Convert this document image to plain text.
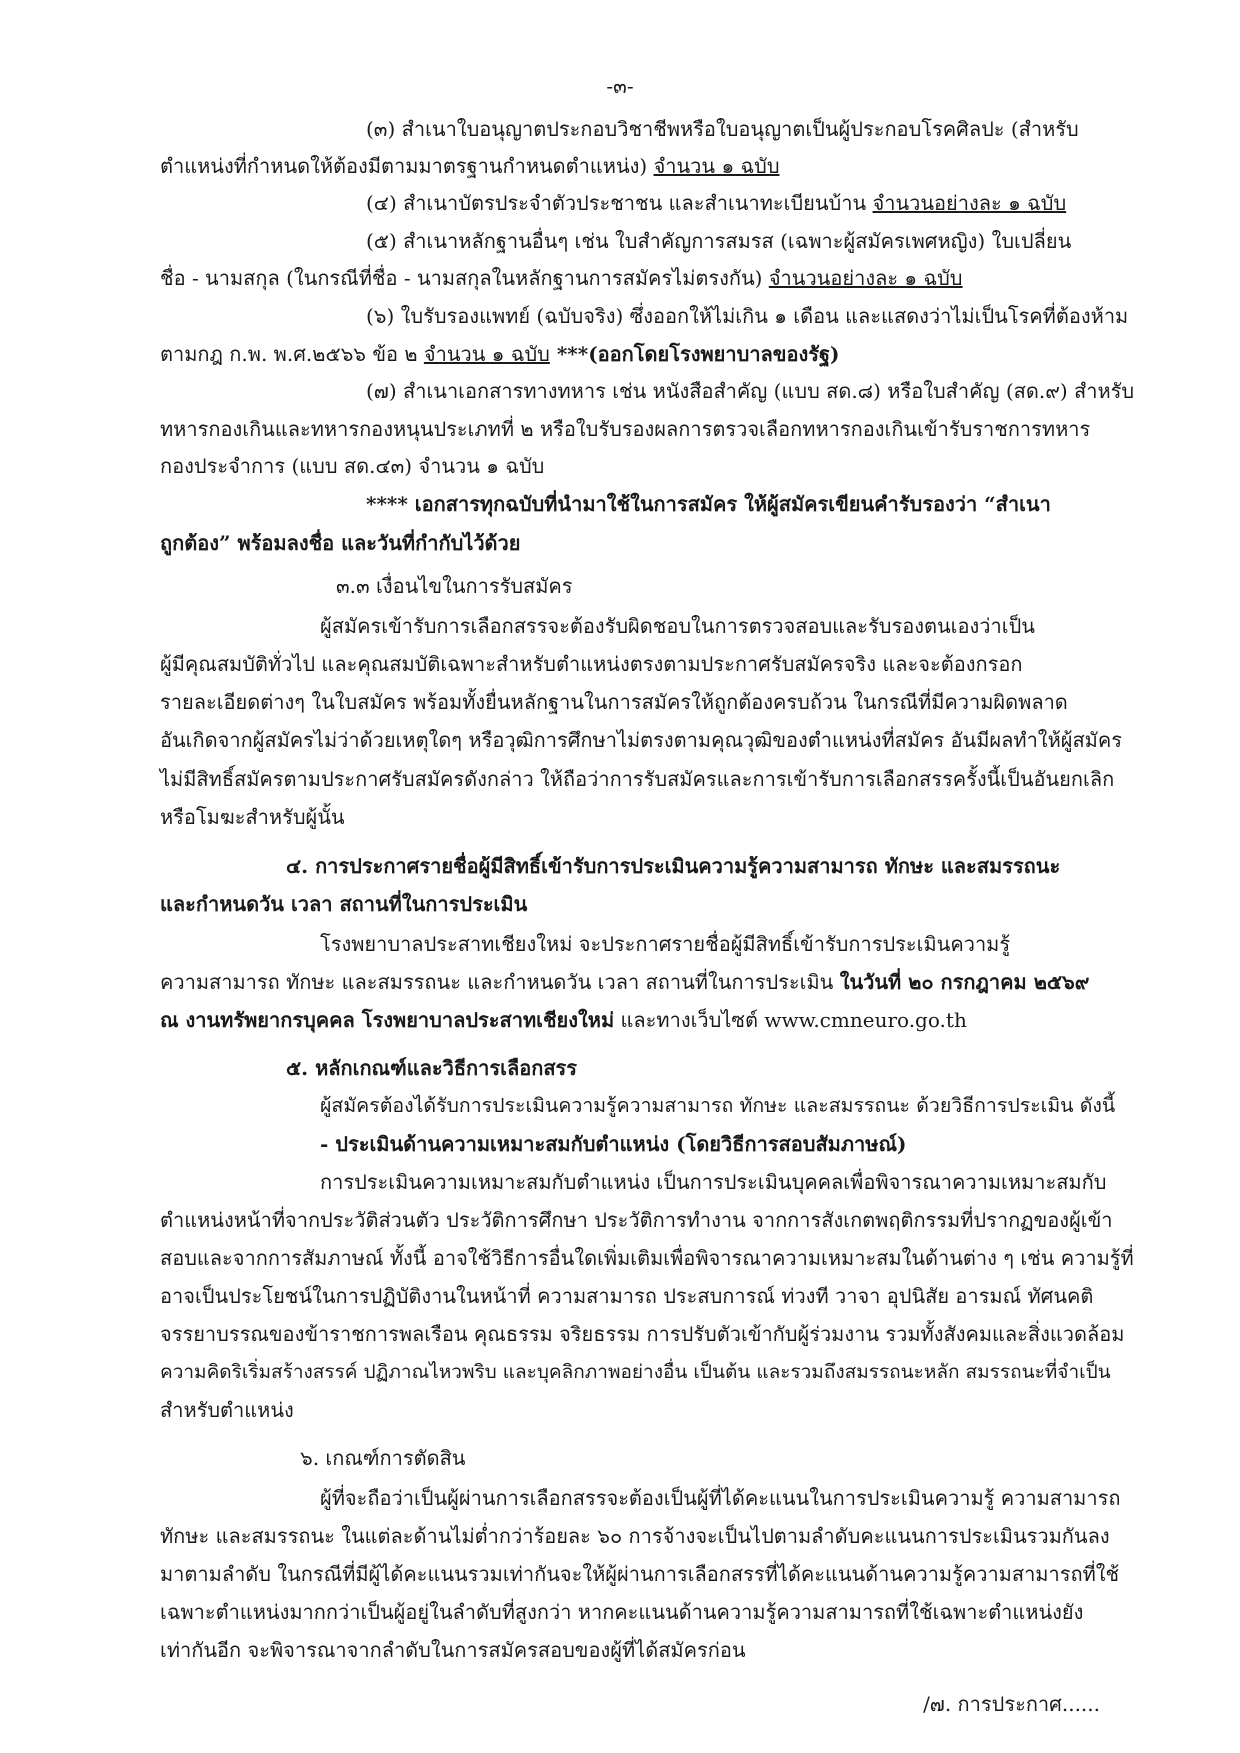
-๓-
(๓) สำเนาใบอนุญาตประกอบวิชาชีพหรือใบอนุญาตเป็นผู้ประกอบโรคศิลปะ (สำหรับ
ตำแหน่งที่กำหนดให้ต้องมีตามมาตรฐานกำหนดตำแหน่ง) จำนวน ๑ ฉบับ
(๔) สำเนาบัตรประจำตัวประชาชน และสำเนาทะเบียนบ้าน จำนวนอย่างละ ๑ ฉบับ
(๕) สำเนาหลักฐานอื่นๆ เช่น ใบสำคัญการสมรส (เฉพาะผู้สมัครเพศหญิง) ใบเปลี่ยน
ชื่อ - นามสกุล (ในกรณีที่ชื่อ - นามสกุลในหลักฐานการสมัครไม่ตรงกัน) จำนวนอย่างละ ๑ ฉบับ
(๖) ใบรับรองแพทย์ (ฉบับจริง) ซึ่งออกให้ไม่เกิน ๑ เดือน และแสดงว่าไม่เป็นโรคที่ต้องห้าม
ตามกฎ ก.พ. พ.ศ.๒๕๖๖ ข้อ ๒ จำนวน ๑ ฉบับ ***(ออกโดยโรงพยาบาลของรัฐ)
(๗) สำเนาเอกสารทางทหาร เช่น หนังสือสำคัญ (แบบ สด.๘) หรือใบสำคัญ (สด.๙) สำหรับ
ทหารกองเกินและทหารกองหนุนประเภทที่ ๒ หรือใบรับรองผลการตรวจเลือกทหารกองเกินเข้ารับราชการทหาร
กองประจำการ (แบบ สด.๔๓) จำนวน ๑ ฉบับ
**** เอกสารทุกฉบับที่นำมาใช้ในการสมัคร ให้ผู้สมัครเขียนคำรับรองว่า “สำเนา
ถูกต้อง” พร้อมลงชื่อ และวันที่กำกับไว้ด้วย
๓.๓ เงื่อนไขในการรับสมัคร
ผู้สมัครเข้ารับการเลือกสรรจะต้องรับผิดชอบในการตรวจสอบและรับรองตนเองว่าเป็น
ผู้มีคุณสมบัติทั่วไป และคุณสมบัติเฉพาะสำหรับตำแหน่งตรงตามประกาศรับสมัครจริง และจะต้องกรอก
รายละเอียดต่างๆ ในใบสมัคร พร้อมทั้งยื่นหลักฐานในการสมัครให้ถูกต้องครบถ้วน ในกรณีที่มีความผิดพลาด
อันเกิดจากผู้สมัครไม่ว่าด้วยเหตุใดๆ หรือวุฒิการศึกษาไม่ตรงตามคุณวุฒิของตำแหน่งที่สมัคร อันมีผลทำให้ผู้สมัคร
ไม่มีสิทธิ์สมัครตามประกาศรับสมัครดังกล่าว ให้ถือว่าการรับสมัครและการเข้ารับการเลือกสรรครั้งนี้เป็นอันยกเลิก
หรือโมฆะสำหรับผู้นั้น
๔. การประกาศรายชื่อผู้มีสิทธิ์เข้ารับการประเมินความรู้ความสามารถ ทักษะ และสมรรถนะ
และกำหนดวัน เวลา สถานที่ในการประเมิน
โรงพยาบาลประสาทเชียงใหม่ จะประกาศรายชื่อผู้มีสิทธิ์เข้ารับการประเมินความรู้
ความสามารถ ทักษะ และสมรรถนะ และกำหนดวัน เวลา สถานที่ในการประเมิน ในวันที่ ๒๐ กรกฎาคม ๒๕๖๙
ณ งานทรัพยากรบุคคล โรงพยาบาลประสาทเชียงใหม่ และทางเว็บไซต์ www.cmneuro.go.th
๕. หลักเกณฑ์และวิธีการเลือกสรร
ผู้สมัครต้องได้รับการประเมินความรู้ความสามารถ ทักษะ และสมรรถนะ ด้วยวิธีการประเมิน ดังนี้
- ประเมินด้านความเหมาะสมกับตำแหน่ง (โดยวิธีการสอบสัมภาษณ์)
การประเมินความเหมาะสมกับตำแหน่ง เป็นการประเมินบุคคลเพื่อพิจารณาความเหมาะสมกับ
ตำแหน่งหน้าที่จากประวัติส่วนตัว ประวัติการศึกษา ประวัติการทำงาน จากการสังเกตพฤติกรรมที่ปรากฏของผู้เข้า
สอบและจากการสัมภาษณ์ ทั้งนี้ อาจใช้วิธีการอื่นใดเพิ่มเติมเพื่อพิจารณาความเหมาะสมในด้านต่าง ๆ เช่น ความรู้ที่
อาจเป็นประโยชน์ในการปฏิบัติงานในหน้าที่ ความสามารถ ประสบการณ์ ท่วงที วาจา อุปนิสัย อารมณ์ ทัศนคติ
จรรยาบรรณของข้าราชการพลเรือน คุณธรรม จริยธรรม การปรับตัวเข้ากับผู้ร่วมงาน รวมทั้งสังคมและสิ่งแวดล้อม
ความคิดริเริ่มสร้างสรรค์ ปฏิภาณไหวพริบ และบุคลิกภาพอย่างอื่น เป็นต้น และรวมถึงสมรรถนะหลัก สมรรถนะที่จำเป็น
สำหรับตำแหน่ง
๖. เกณฑ์การตัดสิน
ผู้ที่จะถือว่าเป็นผู้ผ่านการเลือกสรรจะต้องเป็นผู้ที่ได้คะแนนในการประเมินความรู้ ความสามารถ
ทักษะ และสมรรถนะ ในแต่ละด้านไม่ต่ำกว่าร้อยละ ๖๐ การจ้างจะเป็นไปตามลำดับคะแนนการประเมินรวมกันลง
มาตามลำดับ ในกรณีที่มีผู้ได้คะแนนรวมเท่ากันจะให้ผู้ผ่านการเลือกสรรที่ได้คะแนนด้านความรู้ความสามารถที่ใช้
เฉพาะตำแหน่งมากกว่าเป็นผู้อยู่ในลำดับที่สูงกว่า หากคะแนนด้านความรู้ความสามารถที่ใช้เฉพาะตำแหน่งยัง
เท่ากันอีก จะพิจารณาจากลำดับในการสมัครสอบของผู้ที่ได้สมัครก่อน
/๗. การประกาศ......
